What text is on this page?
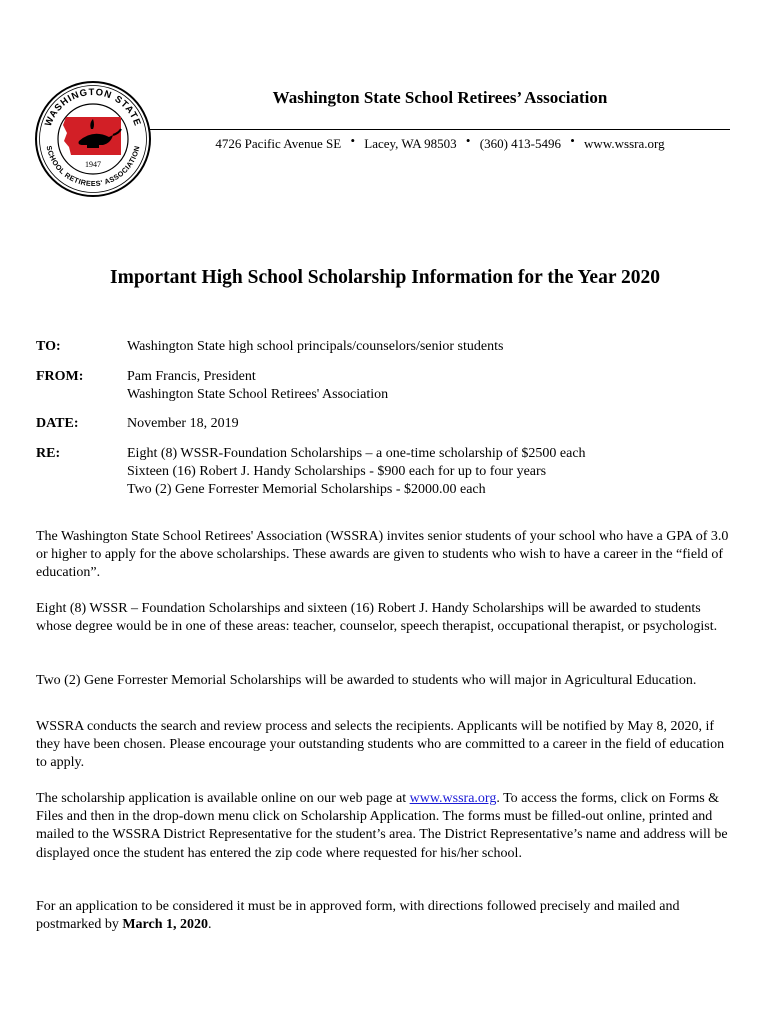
WASHINGTON STATE
SCHOOL RETIREES' ASSOCIATION
1947
Washington State School Retirees’ Association
4726 Pacific Avenue SE • Lacey, WA 98503 • (360) 413-5496 • www.wssra.org
Important High School Scholarship Information for the Year 2020
TO:	Washington State high school principals/counselors/senior students
FROM:	Pam Francis, President
Washington State School Retirees' Association
DATE:	November 18, 2019
RE:	Eight (8) WSSR-Foundation Scholarships – a one-time scholarship of $2500 each
Sixteen (16) Robert J. Handy Scholarships - $900 each for up to four years
Two (2) Gene Forrester Memorial Scholarships - $2000.00 each

The Washington State School Retirees' Association (WSSRA) invites senior students of your school who have a GPA of 3.0 or higher to apply for the above scholarships. These awards are given to students who wish to have a career in the “field of education”.

Eight (8) WSSR – Foundation Scholarships and sixteen (16) Robert J. Handy Scholarships will be awarded to students whose degree would be in one of these areas: teacher, counselor, speech therapist, occupational therapist, or psychologist.

Two (2) Gene Forrester Memorial Scholarships will be awarded to students who will major in Agricultural Education.

WSSRA conducts the search and review process and selects the recipients. Applicants will be notified by May 8, 2020, if they have been chosen. Please encourage your outstanding students who are committed to a career in the field of education to apply.

The scholarship application is available online on our web page at www.wssra.org. To access the forms, click on Forms & Files and then in the drop-down menu click on Scholarship Application. The forms must be filled-out online, printed and mailed to the WSSRA District Representative for the student’s area. The District Representative’s name and address will be displayed once the student has entered the zip code where requested for his/her school.

For an application to be considered it must be in approved form, with directions followed precisely and mailed and postmarked by March 1, 2020.
